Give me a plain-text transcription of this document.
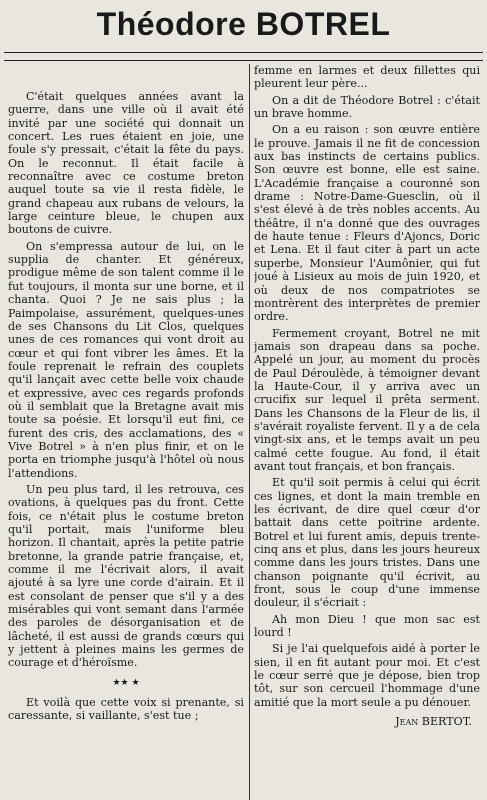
Théodore BOTREL

C'était quelques années avant la guerre, dans une ville où il avait été invité par une société qui donnait un concert. Les rues étaient en joie, une foule s'y pressait, c'était la fête du pays. On le reconnut. Il était facile à reconnaître avec ce costume breton auquel toute sa vie il resta fidèle, le grand chapeau aux rubans de velours, la large ceinture bleue, le chupen aux boutons de cuivre.

On s'empressa autour de lui, on le supplia de chanter. Et généreux, prodigue même de son talent comme il le fut toujours, il monta sur une borne, et il chanta. Quoi ? Je ne sais plus ; la Paimpolaise, assurément, quelques-unes de ses Chansons du Lit Clos, quelques unes de ces romances qui vont droit au cœur et qui font vibrer les âmes. Et la foule reprenait le refrain des couplets qu'il lançait avec cette belle voix chaude et expressive, avec ces regards profonds où il semblait que la Bretagne avait mis toute sa poésie. Et lorsqu'il eut fini, ce furent des cris, des acclamations, des « Vive Botrel » à n'en plus finir, et on le porta en triomphe jusqu'à l'hôtel où nous l'attendions.

Un peu plus tard, il les retrouva, ces ovations, à quelques pas du front. Cette fois, ce n'était plus le costume breton qu'il portait, mais l'uniforme bleu horizon. Il chantait, après la petite patrie bretonne, la grande patrie française, et, comme il me l'écrivait alors, il avait ajouté à sa lyre une corde d'airain. Et il est consolant de penser que s'il y a des misérables qui vont semant dans l'armée des paroles de désorganisation et de lâcheté, il est aussi de grands cœurs qui y jettent à pleines mains les germes de courage et d'héroïsme.

★★ ★

Et voilà que cette voix si prenante, si caressante, si vaillante, s'est tue ;

femme en larmes et deux fillettes qui pleurent leur père...

On a dit de Théodore Botrel : c'était un brave homme.

On a eu raison : son œuvre entière le prouve. Jamais il ne fit de concession aux bas instincts de certains publics. Son œuvre est bonne, elle est saine. L'Académie française a couronné son drame : Notre-Dame-Guesclin, où il s'est élevé à de très nobles accents. Au théâtre, il n'a donné que des ouvrages de haute tenue : Fleurs d'Ajoncs, Doric et Lena. Et il faut citer à part un acte superbe, Monsieur l'Aumônier, qui fut joué à Lisieux au mois de juin 1920, et où deux de nos compatriotes se montrèrent des interprètes de premier ordre.

Fermement croyant, Botrel ne mit jamais son drapeau dans sa poche. Appelé un jour, au moment du procès de Paul Déroulède, à témoigner devant la Haute-Cour, il y arriva avec un crucifix sur lequel il prêta serment. Dans les Chansons de la Fleur de lis, il s'avérait royaliste fervent. Il y a de cela vingt-six ans, et le temps avait un peu calmé cette fougue. Au fond, il était avant tout français, et bon français.

Et qu'il soit permis à celui qui écrit ces lignes, et dont la main tremble en les écrivant, de dire quel cœur d'or battait dans cette poitrine ardente. Botrel et lui furent amis, depuis trente-cinq ans et plus, dans les jours heureux comme dans les jours tristes. Dans une chanson poignante qu'il écrivit, au front, sous le coup d'une immense douleur, il s'écriait :

Ah mon Dieu ! que mon sac est lourd !

Si je l'ai quelquefois aidé à porter le sien, il en fit autant pour moi. Et c'est le cœur serré que je dépose, bien trop tôt, sur son cercueil l'hommage d'une amitié que la mort seule a pu dénouer.

Jean BERTOT.
